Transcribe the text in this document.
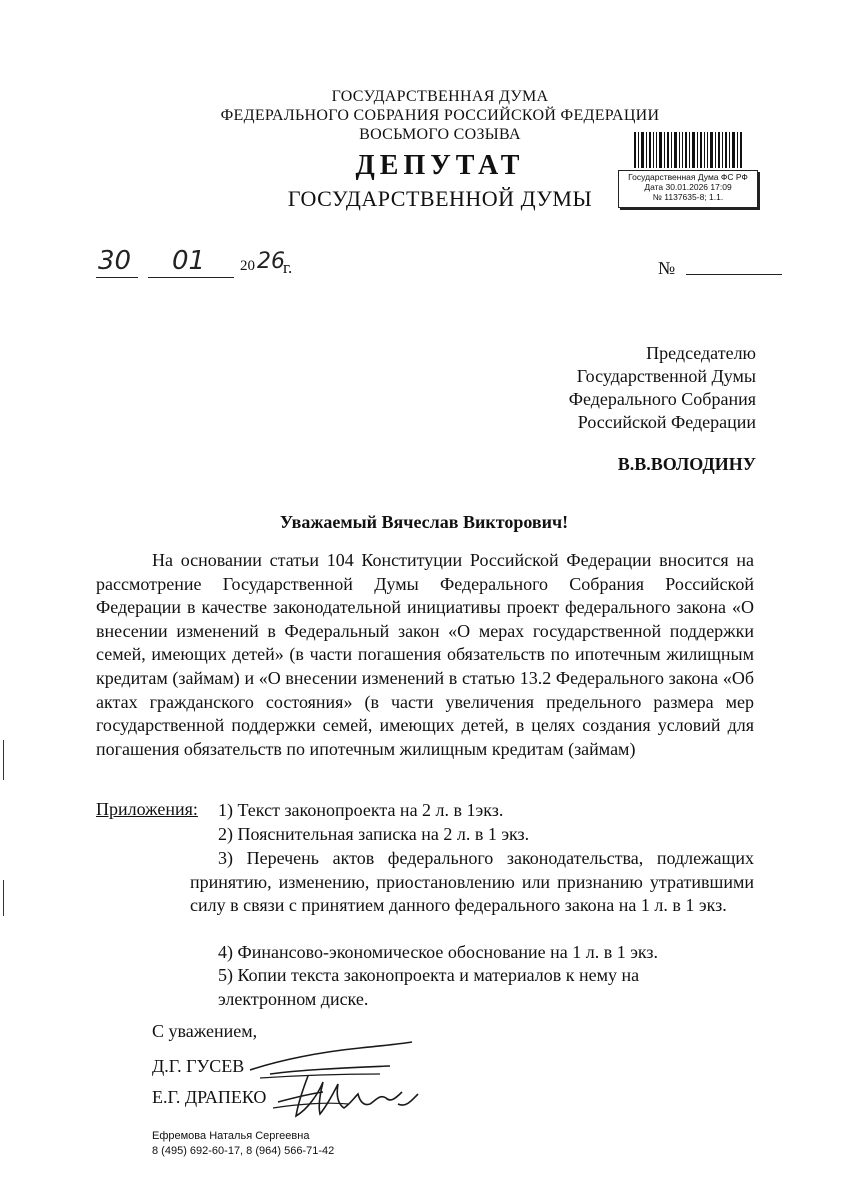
ГОСУДАРСТВЕННАЯ ДУМА
ФЕДЕРАЛЬНОГО СОБРАНИЯ РОССИЙСКОЙ ФЕДЕРАЦИИ
ВОСЬМОГО СОЗЫВА
ДЕПУТАТ
ГОСУДАРСТВЕННОЙ ДУМЫ
Государственная Дума ФС РФ
Дата 30.01.2026 17:09
№ 1137635-8; 1.1.
30 01 20 26
г.	№
Председателю
Государственной Думы
Федерального Собрания
Российской Федерации
В.В.ВОЛОДИНУ
Уважаемый Вячеслав Викторович!

На основании статьи 104 Конституции Российской Федерации вносится на рассмотрение Государственной Думы Федерального Собрания Российской Федерации в качестве законодательной инициативы проект федерального закона «О внесении изменений в Федеральный закон «О мерах государственной поддержки семей, имеющих детей» (в части погашения обязательств по ипотечным жилищным кредитам (займам) и «О внесении изменений в статью 13.2 Федерального закона «Об актах гражданского состояния» (в части увеличения предельного размера мер государственной поддержки семей, имеющих детей, в целях создания условий для погашения обязательств по ипотечным жилищным кредитам (займам)

Приложения: 1) Текст законопроекта на 2 л. в 1экз.
2) Пояснительная записка на 2 л. в 1 экз.

3) Перечень актов федерального законодательства, подлежащих принятию, изменению, приостановлению или признанию утратившими силу в связи с принятием данного федерального закона на 1 л. в 1 экз.

4) Финансово-экономическое обоснование на 1 л. в 1 экз.

5) Копии текста законопроекта и материалов к нему на электронном диске.

С уважением,
Д.Г. ГУСЕВ
Е.Г. ДРАПЕКО
Ефремова Наталья Сергеевна
8 (495) 692-60-17, 8 (964) 566-71-42
